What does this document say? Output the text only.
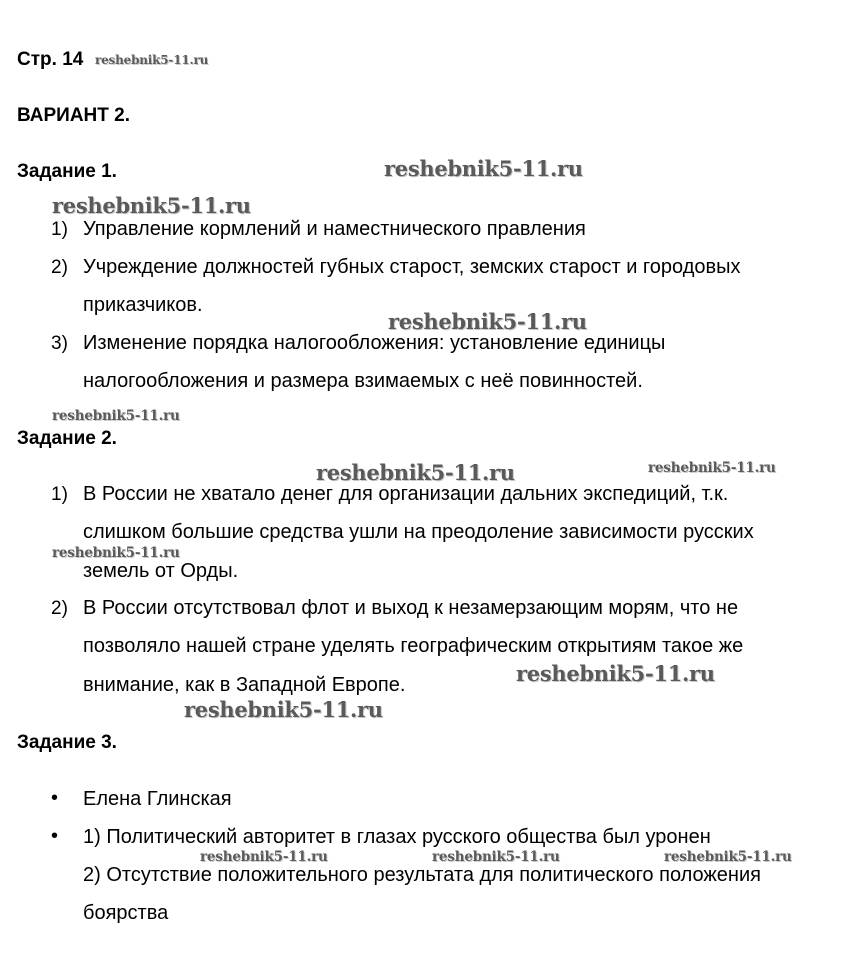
Стр. 14 reshebnik5-11.ru
ВАРИАНТ 2.
Задание 1.	reshebnik5-11.ru
reshebnik5-11.ru
1) Управление кормлений и наместнического правления
2) Учреждение должностей губных старост, земских старост и городовых
приказчиков.
reshebnik5-11.ru
3) Изменение порядка налогообложения: установление единицы
налогообложения и размера взимаемых с неё повинностей.
reshebnik5-11.ru
Задание 2.
reshebnik5-11.ru	reshebnik5-11.ru
1) В России не хватало денег для организации дальних экспедиций, т.к.
слишком большие средства ушли на преодоление зависимости русских
reshebnik5-11.ru
земель от Орды.
2) В России отсутствовал флот и выход к незамерзающим морям, что не
позволяло нашей стране уделять географическим открытиям такое же
внимание, как в Западной Европе.	reshebnik5-11.ru
reshebnik5-11.ru
Задание 3.
• Елена Глинская
• 1) Политический авторитет в глазах русского общества был уронен
reshebnik5-11.ru	reshebnik5-11.ru	reshebnik5-11.ru
2) Отсутствие положительного результата для политического положения
боярства
